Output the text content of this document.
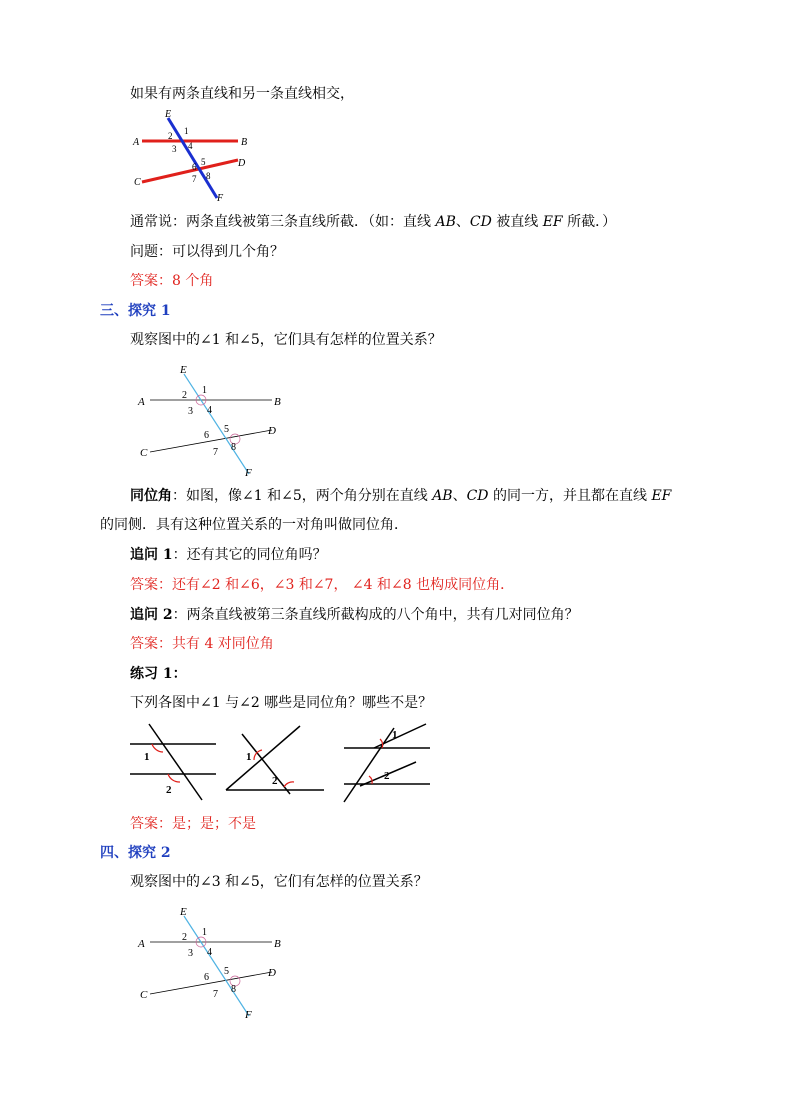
如果有两条直线和另一条直线相交，
A	B
C
D
E
F
1
2
3 4
5
6
7 8
通常说：两条直线被第三条直线所截．（如：直线 AB、CD 被直线 EF 所截．）
问题：可以得到几个角？
答案：8 个角
三、探究 1
观察图中的∠1 和∠5，它们具有怎样的位置关系？
A	B
C
D
E
F
1
2
3 4
5
6
7 8
同位角：如图，像∠1 和∠5，两个角分别在直线 AB、CD 的同一方，并且都在直线 EF
的同侧．具有这种位置关系的一对角叫做同位角．
追问 1：还有其它的同位角吗？
答案：还有∠2 和∠6，∠3 和∠7， ∠4 和∠8 也构成同位角．
追问 2：两条直线被第三条直线所截构成的八个角中，共有几对同位角？
答案：共有 4 对同位角
练习 1：
下列各图中∠1 与∠2 哪些是同位角？哪些不是？
1
2
1
2
1
2
答案：是；是；不是
四、探究 2
观察图中的∠3 和∠5，它们有怎样的位置关系？
A	B
C
D
E
F
1
2
3 4
5
6
7 8
